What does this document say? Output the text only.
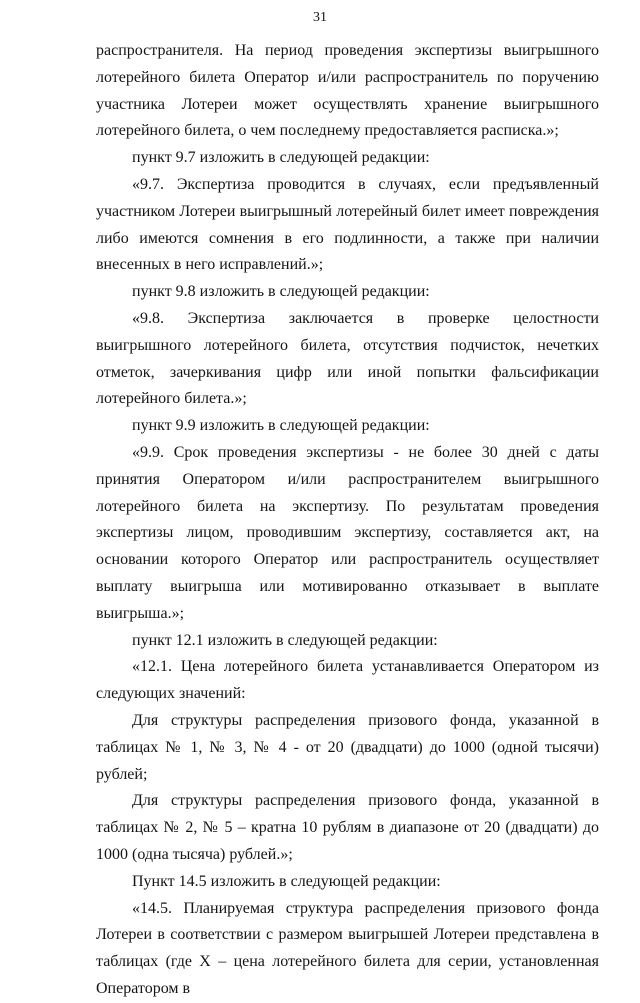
31

распространителя. На период проведения экспертизы выигрышного лотерейного билета Оператор и/или распространитель по поручению участника Лотереи может осуществлять хранение выигрышного лотерейного билета, о чем последнему предоставляется расписка.»;

пункт 9.7 изложить в следующей редакции:

«9.7. Экспертиза проводится в случаях, если предъявленный участником Лотереи выигрышный лотерейный билет имеет повреждения либо имеются сомнения в его подлинности, а также при наличии внесенных в него исправлений.»;

пункт 9.8 изложить в следующей редакции:

«9.8. Экспертиза заключается в проверке целостности выигрышного лотерейного билета, отсутствия подчисток, нечетких отметок, зачеркивания цифр или иной попытки фальсификации лотерейного билета.»;

пункт 9.9 изложить в следующей редакции:

«9.9. Срок проведения экспертизы - не более 30 дней с даты принятия Оператором и/или распространителем выигрышного лотерейного билета на экспертизу. По результатам проведения экспертизы лицом, проводившим экспертизу, составляется акт, на основании которого Оператор или распространитель осуществляет выплату выигрыша или мотивированно отказывает в выплате выигрыша.»;

пункт 12.1 изложить в следующей редакции:

«12.1. Цена лотерейного билета устанавливается Оператором из следующих значений:

Для структуры распределения призового фонда, указанной в таблицах № 1, № 3, № 4 - от 20 (двадцати) до 1000 (одной тысячи) рублей;

Для структуры распределения призового фонда, указанной в таблицах № 2, № 5 – кратна 10 рублям в диапазоне от 20 (двадцати) до 1000 (одна тысяча) рублей.»;

Пункт 14.5 изложить в следующей редакции:

«14.5. Планируемая структура распределения призового фонда Лотереи в соответствии с размером выигрышей Лотереи представлена в таблицах (где Х – цена лотерейного билета для серии, установленная Оператором в
